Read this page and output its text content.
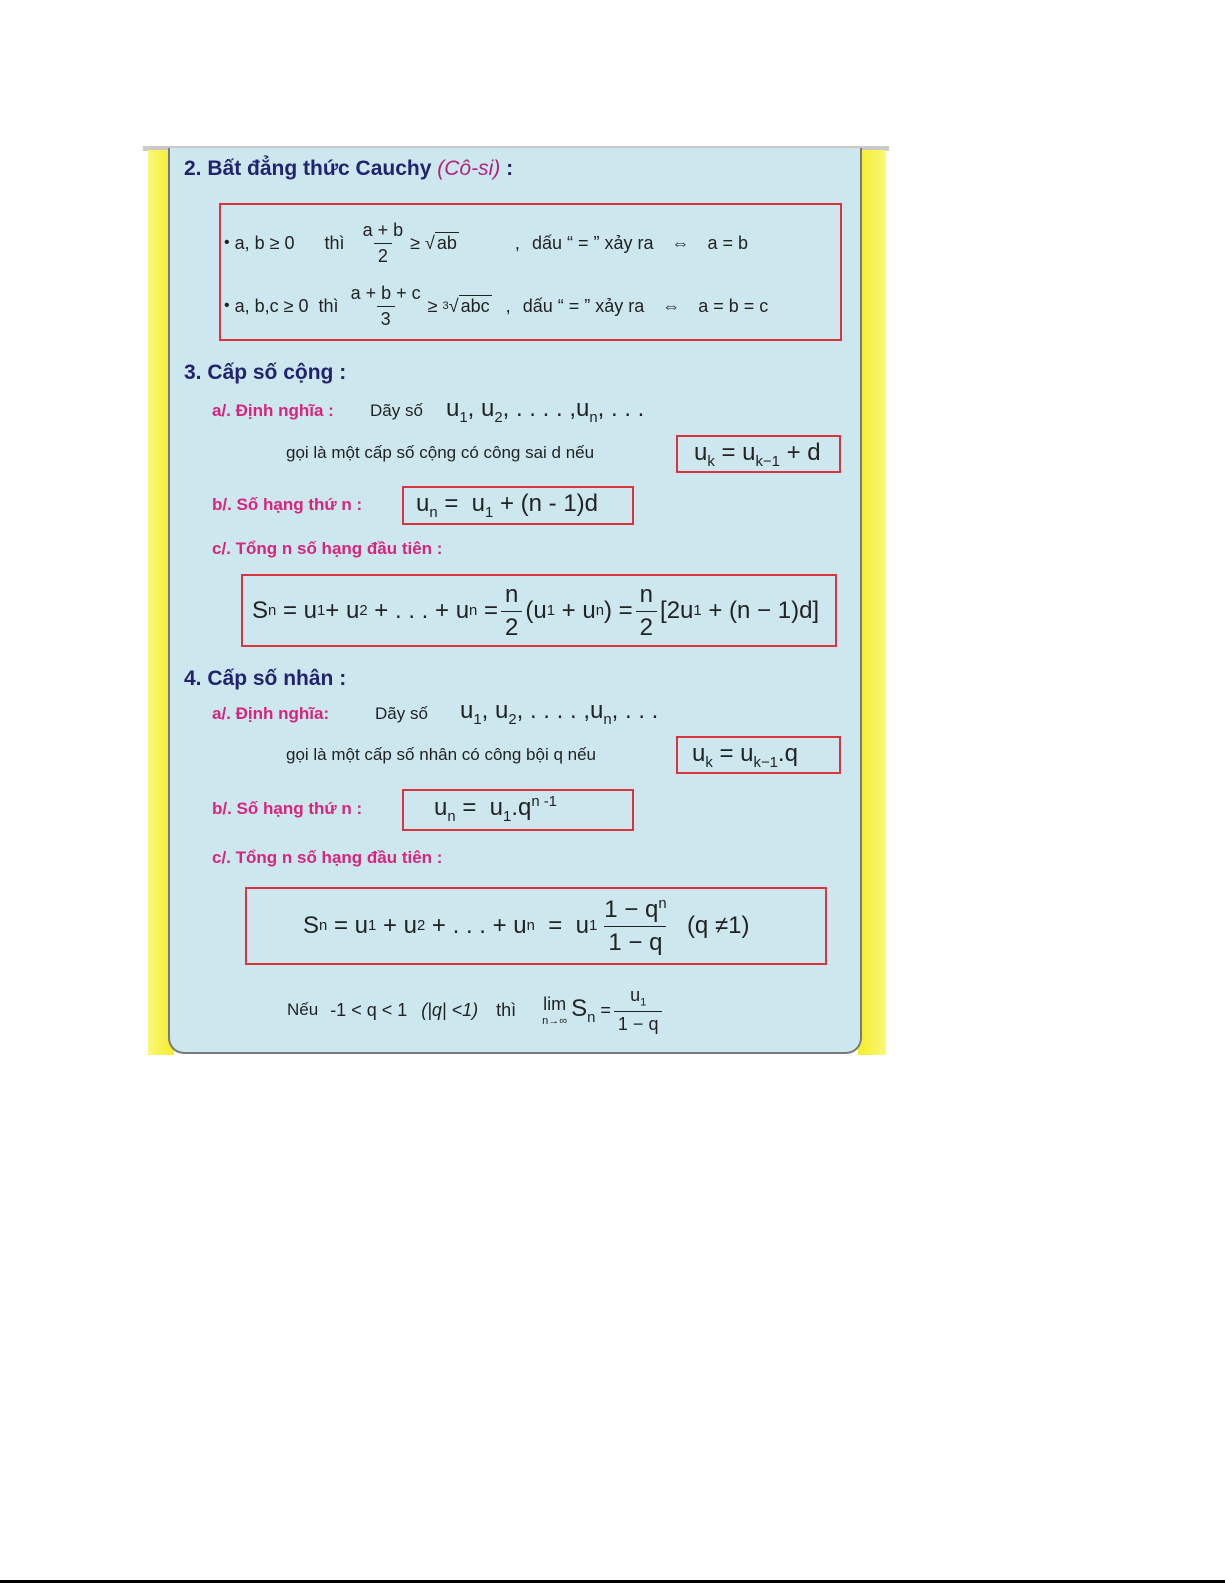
2. Bất đẳng thức Cauchy (Cô-si) :
•
a, b ≥ 0 thì $\frac{a + b}{2}$ ≥ √ ab	, dấu “ = ” xảy ra ⇔ a = b
•
a, b,c ≥ 0 thì $\frac{a + b + c}{3}$ ≥
3 √ abc , dấu “ = ” xảy ra ⇔ a = b = c
3. Cấp số cộng :
a/. Định nghĩa : Dãy số $u_1$, $u_2$, . . . . $,u_n$, . . .
gọi là một cấp số cộng có công sai d nếu	$u_k = u_{k-1} + d$
b/. Số hạng thứ n : $u_n = u_1 + (n - 1)d$
c/. Tổng n số hạng đầu tiên :
S n
=
u 1 +
u 2
+ . . . +
u n
= $\frac{n}{2} (u$ 1 + u n )
= $\frac{n}{2} [2u$ 1
+ (n − 1)d]
4. Cấp số nhân :
a/. Định nghĩa:	Dãy số $u_1$, $u_2$, . . . . $,u_n$, . . .
gọi là một cấp số nhân có công bội q nếu	$u_k = u_{k-1}.q$
b/. Số hạng thứ n :	$u_n = u_1.q^{n -1}$
c/. Tổng n số hạng đầu tiên :
S n
= u 1 + u 2 + . . . + u n
= u $1 \frac{1 - q^n}{1 - q}$
(q ≠1)
Nếu -1 < q < 1 (|q| <1) thì lim
n→∞ $S_n = \frac{u_1}{1 - q}$
